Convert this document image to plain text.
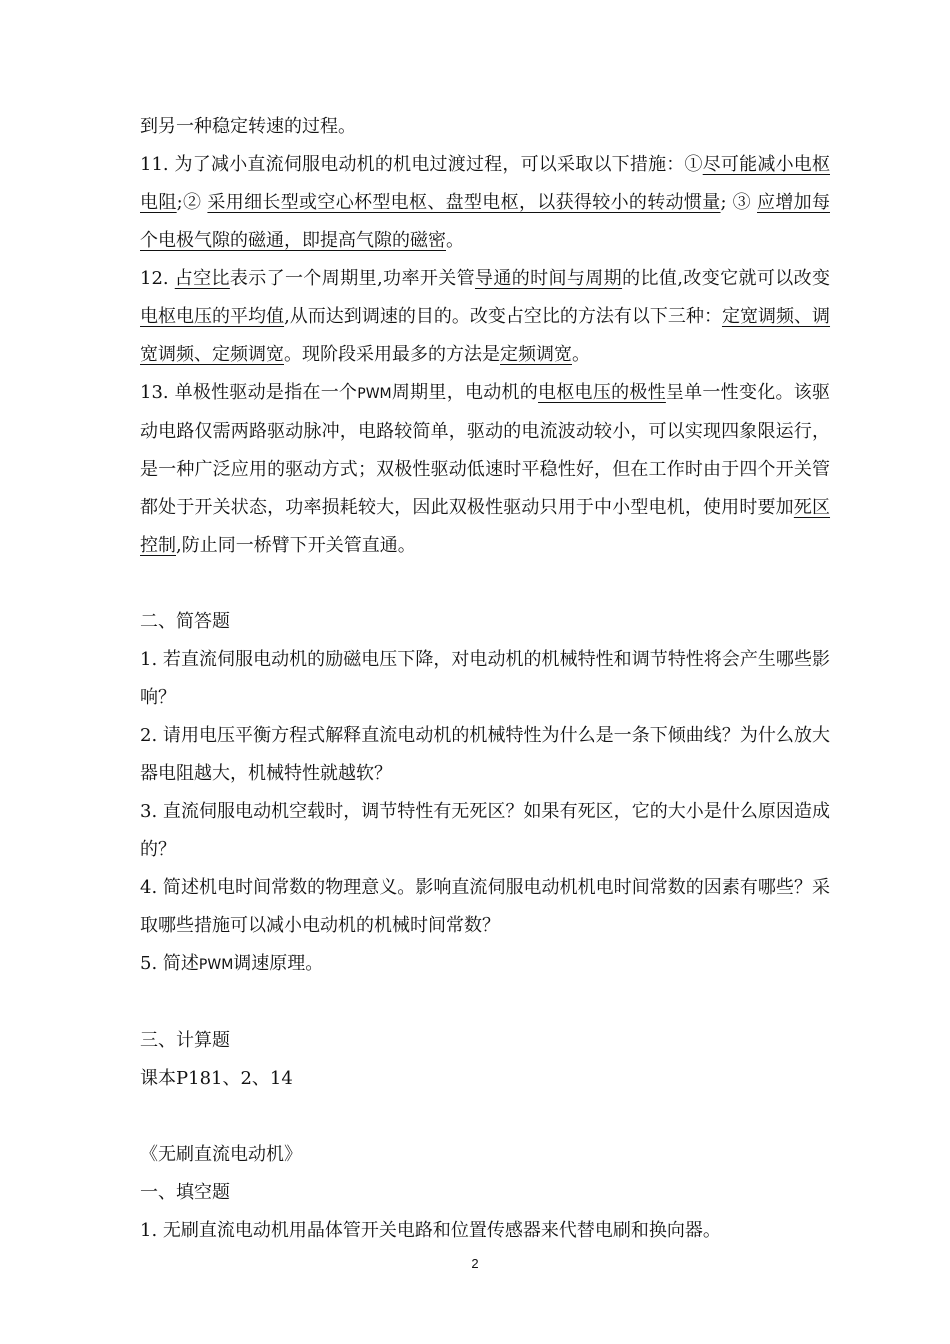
到另一种稳定转速的过程。

11. 为了减小直流伺服电动机的机电过渡过程，可以采取以下措施：①尽可能减小电枢电阻;② 采用细长型或空心杯型电枢、盘型电枢，以获得较小的转动惯量; ③ 应增加每个电极气隙的磁通，即提高气隙的磁密。

12. 占空比表示了一个周期里,功率开关管导通的时间与周期的比值,改变它就可以改变电枢电压的平均值,从而达到调速的目的。改变占空比的方法有以下三种：定宽调频、调宽调频、定频调宽。现阶段采用最多的方法是定频调宽。

13. 单极性驱动是指在一个PWM周期里，电动机的电枢电压的极性呈单一性变化。该驱动电路仅需两路驱动脉冲，电路较简单，驱动的电流波动较小，可以实现四象限运行，是一种广泛应用的驱动方式；双极性驱动低速时平稳性好，但在工作时由于四个开关管都处于开关状态，功率损耗较大，因此双极性驱动只用于中小型电机，使用时要加死区控制,防止同一桥臂下开关管直通。

二、简答题

1. 若直流伺服电动机的励磁电压下降，对电动机的机械特性和调节特性将会产生哪些影响？

2. 请用电压平衡方程式解释直流电动机的机械特性为什么是一条下倾曲线？为什么放大器电阻越大，机械特性就越软？

3. 直流伺服电动机空载时，调节特性有无死区？如果有死区，它的大小是什么原因造成的？

4. 简述机电时间常数的物理意义。影响直流伺服电动机机电时间常数的因素有哪些？采取哪些措施可以减小电动机的机械时间常数？

5. 简述PWM调速原理。

三、计算题

课本P181、2、14

《无刷直流电动机》

一、填空题

1. 无刷直流电动机用晶体管开关电路和位置传感器来代替电刷和换向器。

2
